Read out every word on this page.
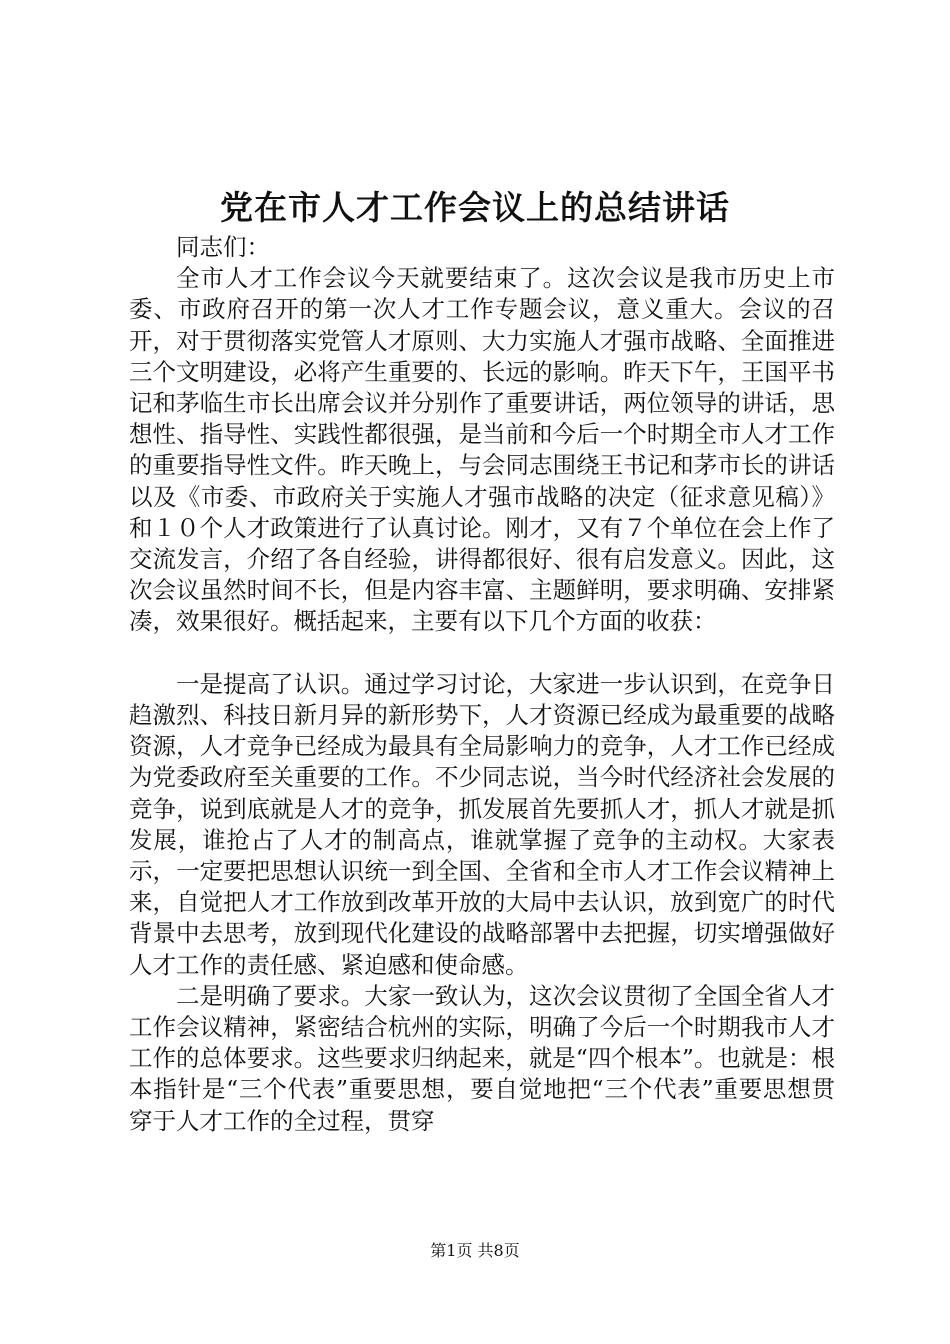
党在市人才工作会议上的总结讲话

同志们：

全市人才工作会议今天就要结束了。这次会议是我市历史上市委、市政府召开的第一次人才工作专题会议，意义重大。会议的召开，对于贯彻落实党管人才原则、大力实施人才强市战略、全面推进三个文明建设，必将产生重要的、长远的影响。昨天下午，王国平书记和茅临生市长出席会议并分别作了重要讲话，两位领导的讲话，思想性、指导性、实践性都很强，是当前和今后一个时期全市人才工作的重要指导性文件。昨天晚上，与会同志围绕王书记和茅市长的讲话以及《市委、市政府关于实施人才强市战略的决定（征求意见稿）》和１０个人才政策进行了认真讨论。刚才，又有７个单位在会上作了交流发言，介绍了各自经验，讲得都很好、很有启发意义。因此，这次会议虽然时间不长，但是内容丰富、主题鲜明，要求明确、安排紧凑，效果很好。概括起来，主要有以下几个方面的收获：

一是提高了认识。通过学习讨论，大家进一步认识到，在竞争日趋激烈、科技日新月异的新形势下，人才资源已经成为最重要的战略资源，人才竞争已经成为最具有全局影响力的竞争，人才工作已经成为党委政府至关重要的工作。不少同志说，当今时代经济社会发展的竞争，说到底就是人才的竞争，抓发展首先要抓人才，抓人才就是抓发展，谁抢占了人才的制高点，谁就掌握了竞争的主动权。大家表示，一定要把思想认识统一到全国、全省和全市人才工作会议精神上来，自觉把人才工作放到改革开放的大局中去认识，放到宽广的时代背景中去思考，放到现代化建设的战略部署中去把握，切实增强做好人才工作的责任感、紧迫感和使命感。

二是明确了要求。大家一致认为，这次会议贯彻了全国全省人才工作会议精神，紧密结合杭州的实际，明确了今后一个时期我市人才工作的总体要求。这些要求归纳起来，就是“四个根本”。也就是：根本指针是“三个代表”重要思想，要自觉地把“三个代表”重要思想贯穿于人才工作的全过程，贯穿

第1页 共8页
